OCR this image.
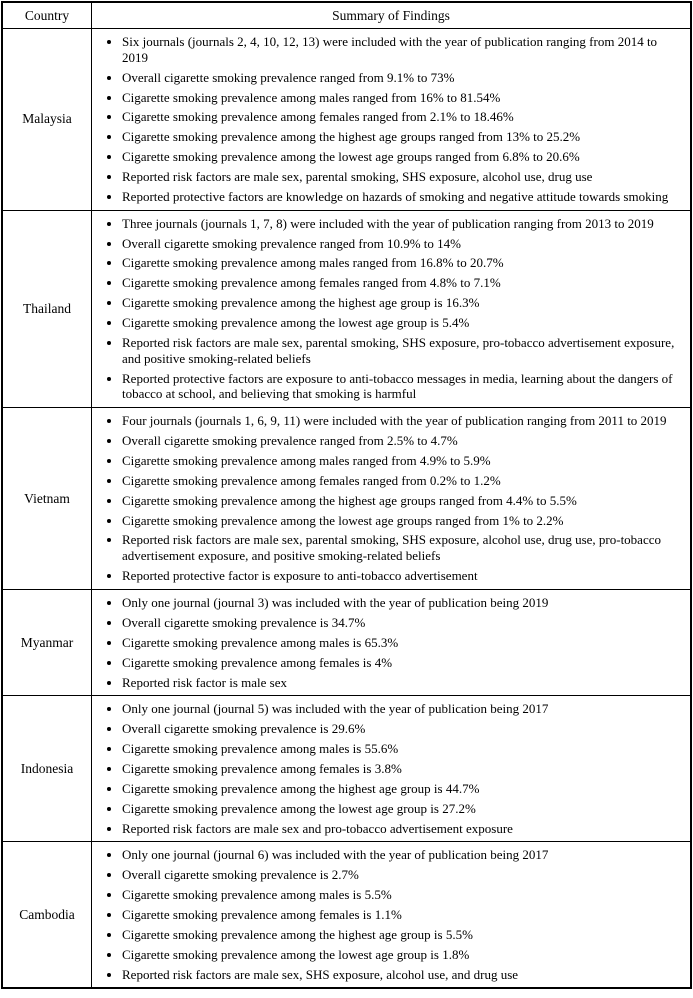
Country	Summary of Findings
Malaysia	
• Six journals (journals 2, 4, 10, 12, 13) were included with the year of publication ranging from 2014 to 2019
• Overall cigarette smoking prevalence ranged from 9.1% to 73%
• Cigarette smoking prevalence among males ranged from 16% to 81.54%
• Cigarette smoking prevalence among females ranged from 2.1% to 18.46%
• Cigarette smoking prevalence among the highest age groups ranged from 13% to 25.2%
• Cigarette smoking prevalence among the lowest age groups ranged from 6.8% to 20.6%
• Reported risk factors are male sex, parental smoking, SHS exposure, alcohol use, drug use
• Reported protective factors are knowledge on hazards of smoking and negative attitude towards smoking

Thailand	
• Three journals (journals 1, 7, 8) were included with the year of publication ranging from 2013 to 2019
• Overall cigarette smoking prevalence ranged from 10.9% to 14%
• Cigarette smoking prevalence among males ranged from 16.8% to 20.7%
• Cigarette smoking prevalence among females ranged from 4.8% to 7.1%
• Cigarette smoking prevalence among the highest age group is 16.3%
• Cigarette smoking prevalence among the lowest age group is 5.4%
• Reported risk factors are male sex, parental smoking, SHS exposure, pro-tobacco advertisement exposure, and positive smoking-related beliefs
• Reported protective factors are exposure to anti-tobacco messages in media, learning about the dangers of tobacco at school, and believing that smoking is harmful

Vietnam	
• Four journals (journals 1, 6, 9, 11) were included with the year of publication ranging from 2011 to 2019
• Overall cigarette smoking prevalence ranged from 2.5% to 4.7%
• Cigarette smoking prevalence among males ranged from 4.9% to 5.9%
• Cigarette smoking prevalence among females ranged from 0.2% to 1.2%
• Cigarette smoking prevalence among the highest age groups ranged from 4.4% to 5.5%
• Cigarette smoking prevalence among the lowest age groups ranged from 1% to 2.2%
• Reported risk factors are male sex, parental smoking, SHS exposure, alcohol use, drug use, pro-tobacco advertisement exposure, and positive smoking-related beliefs
• Reported protective factor is exposure to anti-tobacco advertisement

Myanmar	
• Only one journal (journal 3) was included with the year of publication being 2019
• Overall cigarette smoking prevalence is 34.7%
• Cigarette smoking prevalence among males is 65.3%
• Cigarette smoking prevalence among females is 4%
• Reported risk factor is male sex

Indonesia	
• Only one journal (journal 5) was included with the year of publication being 2017
• Overall cigarette smoking prevalence is 29.6%
• Cigarette smoking prevalence among males is 55.6%
• Cigarette smoking prevalence among females is 3.8%
• Cigarette smoking prevalence among the highest age group is 44.7%
• Cigarette smoking prevalence among the lowest age group is 27.2%
• Reported risk factors are male sex and pro-tobacco advertisement exposure

Cambodia	
• Only one journal (journal 6) was included with the year of publication being 2017
• Overall cigarette smoking prevalence is 2.7%
• Cigarette smoking prevalence among males is 5.5%
• Cigarette smoking prevalence among females is 1.1%
• Cigarette smoking prevalence among the highest age group is 5.5%
• Cigarette smoking prevalence among the lowest age group is 1.8%
• Reported risk factors are male sex, SHS exposure, alcohol use, and drug use
